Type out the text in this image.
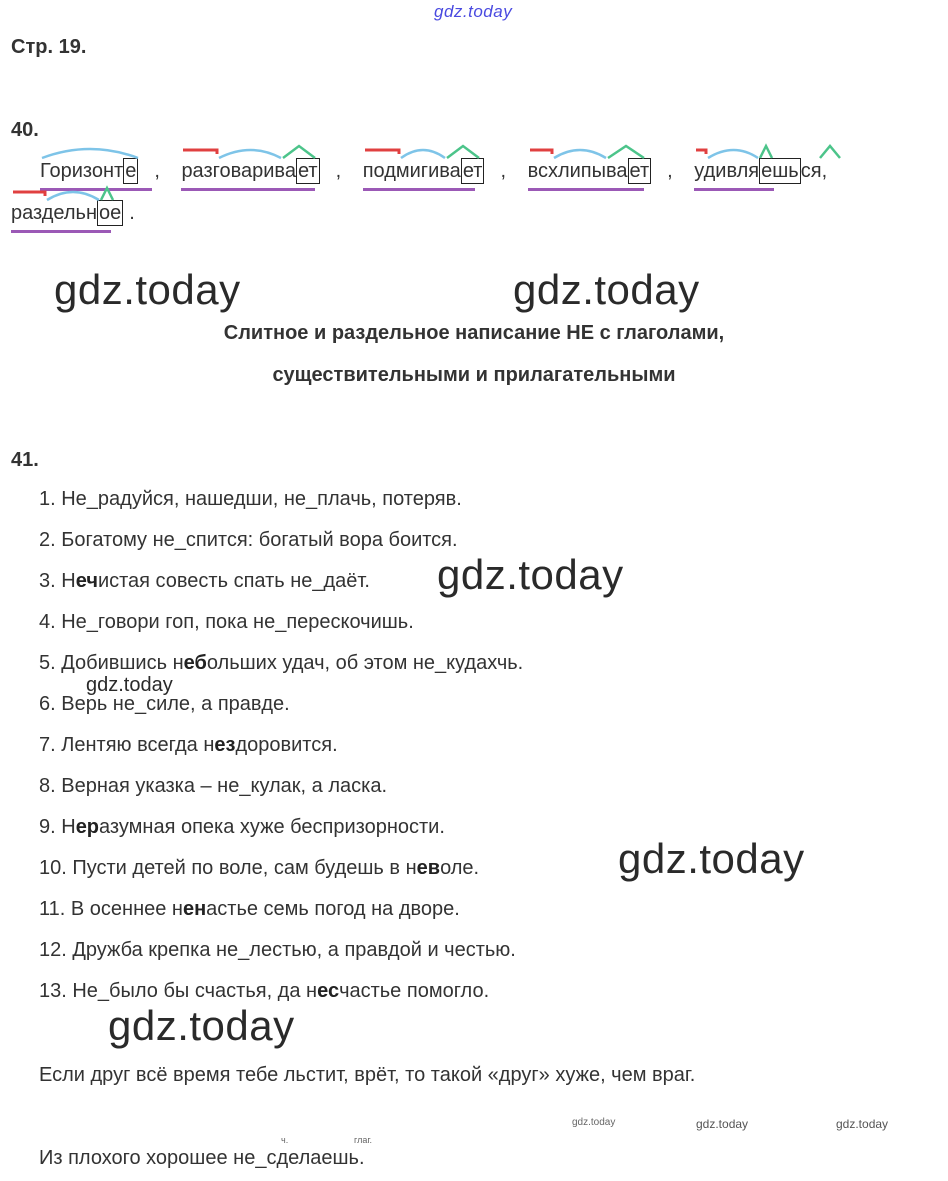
gdz.today
gdz.today	gdz.today
gdz.today
gdz.today
gdz.today
gdz.today
gdz.today	gdz.today	gdz.today
Стр. 19.
40.
Горизонт е , разговарива ет , подмигива ет , всхлипыва ет , удивля ешь ся
,
раздельн ое .
Слитное и раздельное написание НЕ с глаголами,
существительными и прилагательными
41.
1. Не_радуйся, нашедши, не_плачь, потеряв.
2. Богатому не_спится: богатый вора боится.
3. Нечистая совесть спать не_даёт.
4. Не_говори гоп, пока не_перескочишь.
5. Добившись небольших удач, об этом не_кудахчь.
6. Верь не_силе, а правде.
7. Лентяю всегда нездоровится.
8. Верная указка – не_кулак, а ласка.
9. Неразумная опека хуже беспризорности.
10. Пусти детей по воле, сам будешь в неволе.
11. В осеннее ненастье семь погод на дворе.
12. Дружба крепка не_лестью, а правдой и честью.
13. Не_было бы счастья, да несчастье помогло.
Если друг всё время тебе льстит, врёт, то такой «друг» хуже, чем враг.
ч.	глаг.
Из плохого хорошее не_сделаешь.
